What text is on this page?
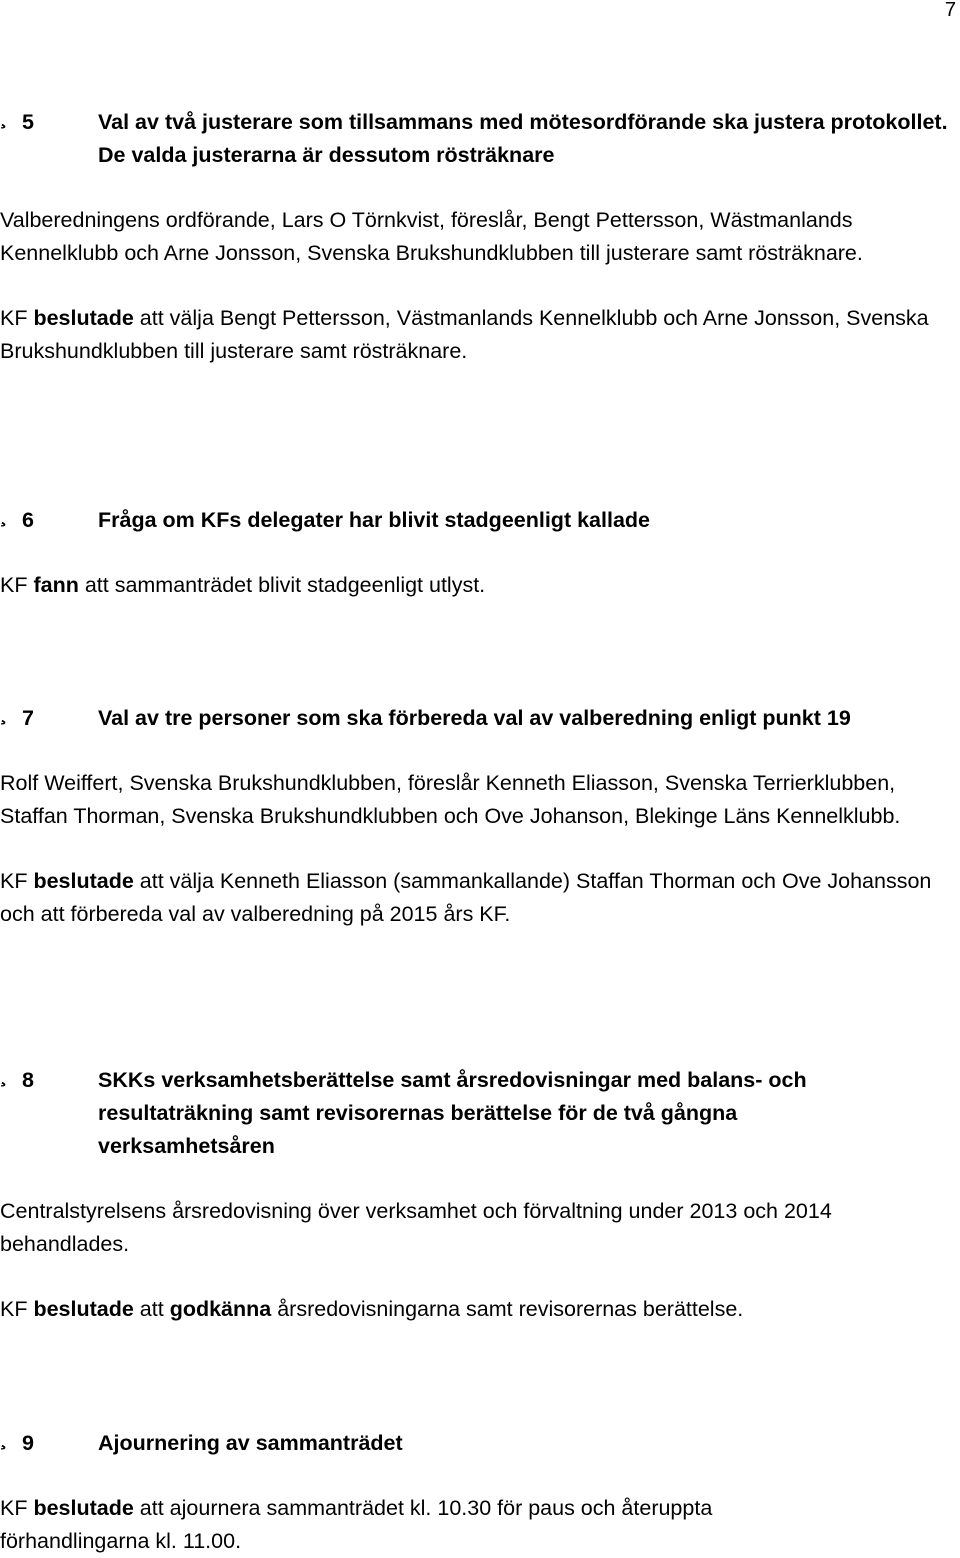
7
¸ 5	Val av två justerare som tillsammans med mötesordförande ska justera protokollet. De valda justerarna är dessutom rösträknare

Valberedningens ordförande, Lars O Törnkvist, föreslår, Bengt Pettersson, Wästmanlands Kennelklubb och Arne Jonsson, Svenska Brukshundklubben till justerare samt rösträknare.

KF beslutade att välja Bengt Pettersson, Västmanlands Kennelklubb och Arne Jonsson, Svenska Brukshundklubben till justerare samt rösträknare.

¸ 6	Fråga om KFs delegater har blivit stadgeenligt kallade

KF fann att sammanträdet blivit stadgeenligt utlyst.

¸ 7	Val av tre personer som ska förbereda val av valberedning enligt punkt 19

Rolf Weiffert, Svenska Brukshundklubben, föreslår Kenneth Eliasson, Svenska Terrierklubben, Staffan Thorman, Svenska Brukshundklubben och Ove Johanson, Blekinge Läns Kennelklubb.

KF beslutade att välja Kenneth Eliasson (sammankallande) Staffan Thorman och Ove Johansson och att förbereda val av valberedning på 2015 års KF.

¸ 8	SKKs verksamhetsberättelse samt årsredovisningar med balans- och resultaträkning samt revisorernas berättelse för de två gångna verksamhetsåren

Centralstyrelsens årsredovisning över verksamhet och förvaltning under 2013 och 2014 behandlades.

KF beslutade att godkänna årsredovisningarna samt revisorernas berättelse.

¸ 9	Ajournering av sammanträdet

KF beslutade att ajournera sammanträdet kl. 10.30 för paus och återuppta förhandlingarna kl. 11.00.
